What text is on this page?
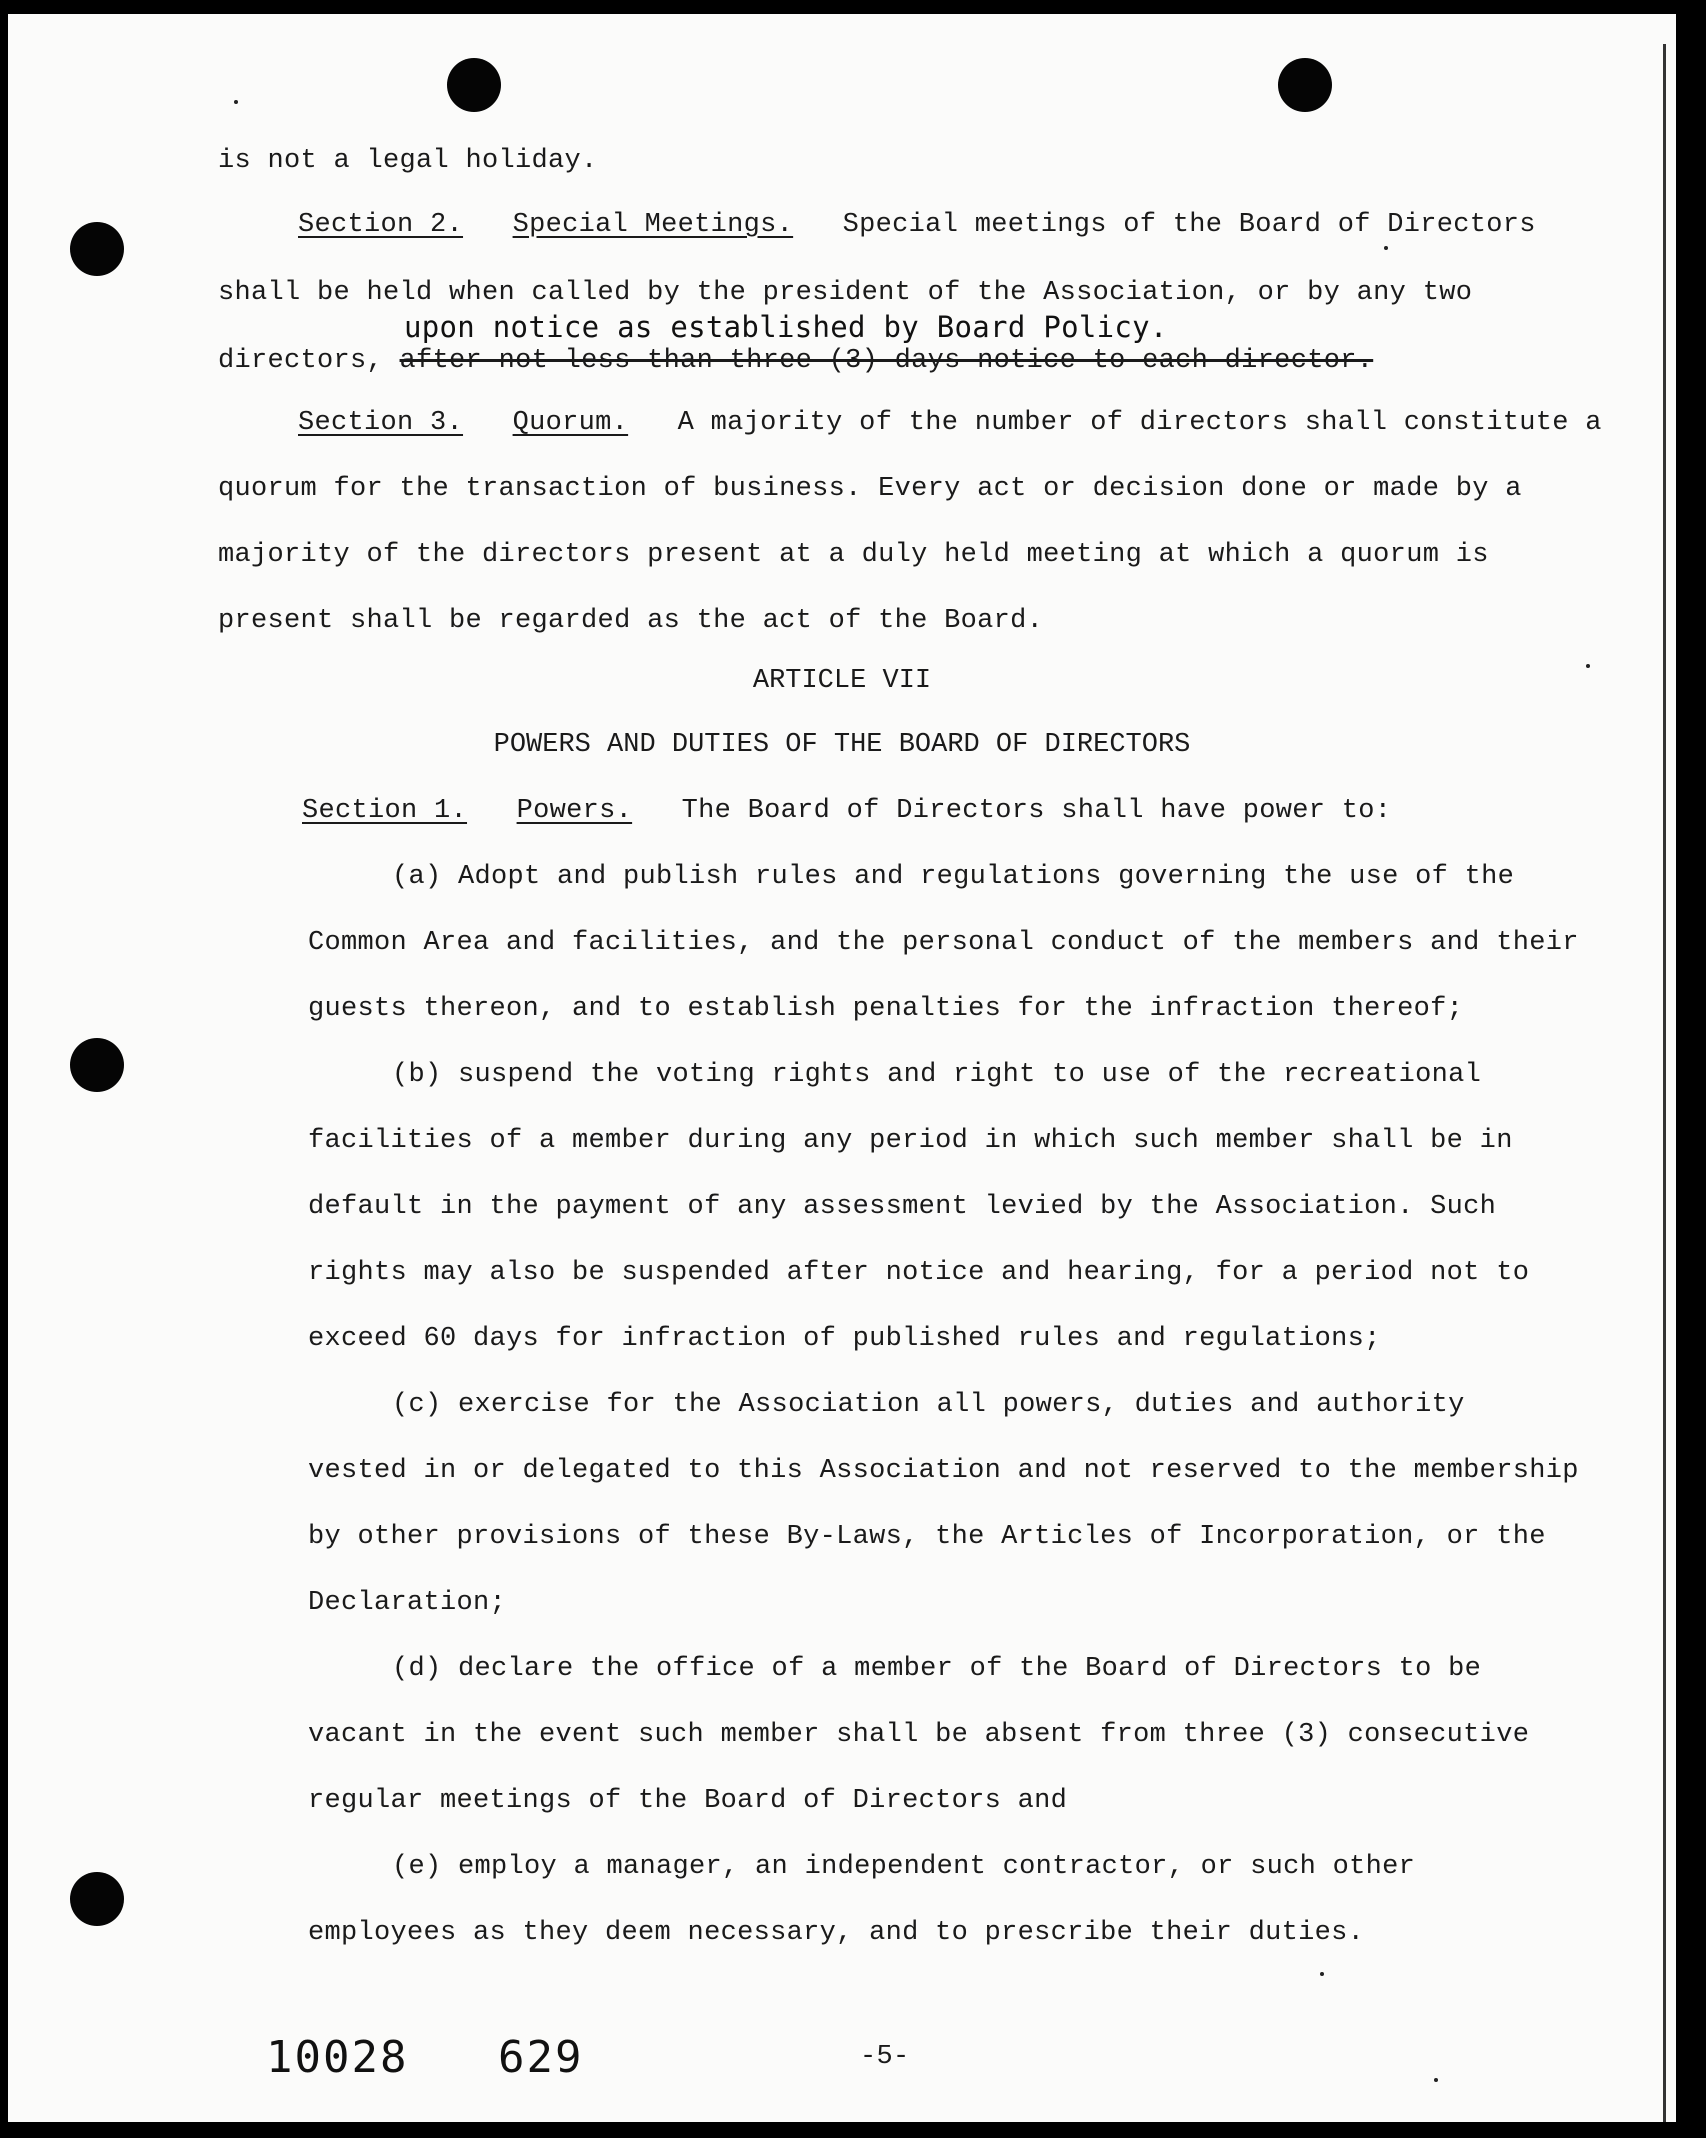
is not a legal holiday.
Section 2. Special Meetings. Special meetings of the Board of Directors
shall be held when called by the president of the Association, or by any two
upon notice as established by Board Policy.
directors, after not less than three (3) days notice to each director.
Section 3. Quorum. A majority of the number of directors shall constitute a
quorum for the transaction of business. Every act or decision done or made by a
majority of the directors present at a duly held meeting at which a quorum is
present shall be regarded as the act of the Board.
ARTICLE VII
POWERS AND DUTIES OF THE BOARD OF DIRECTORS
Section 1. Powers. The Board of Directors shall have power to:
(a) Adopt and publish rules and regulations governing the use of the
Common Area and facilities, and the personal conduct of the members and their
guests thereon, and to establish penalties for the infraction thereof;
(b) suspend the voting rights and right to use of the recreational
facilities of a member during any period in which such member shall be in
default in the payment of any assessment levied by the Association. Such
rights may also be suspended after notice and hearing, for a period not to
exceed 60 days for infraction of published rules and regulations;
(c) exercise for the Association all powers, duties and authority
vested in or delegated to this Association and not reserved to the membership
by other provisions of these By-Laws, the Articles of Incorporation, or the
Declaration;
(d) declare the office of a member of the Board of Directors to be
vacant in the event such member shall be absent from three (3) consecutive
regular meetings of the Board of Directors and
(e) employ a manager, an independent contractor, or such other
employees as they deem necessary, and to prescribe their duties.
10028 629	-5-
